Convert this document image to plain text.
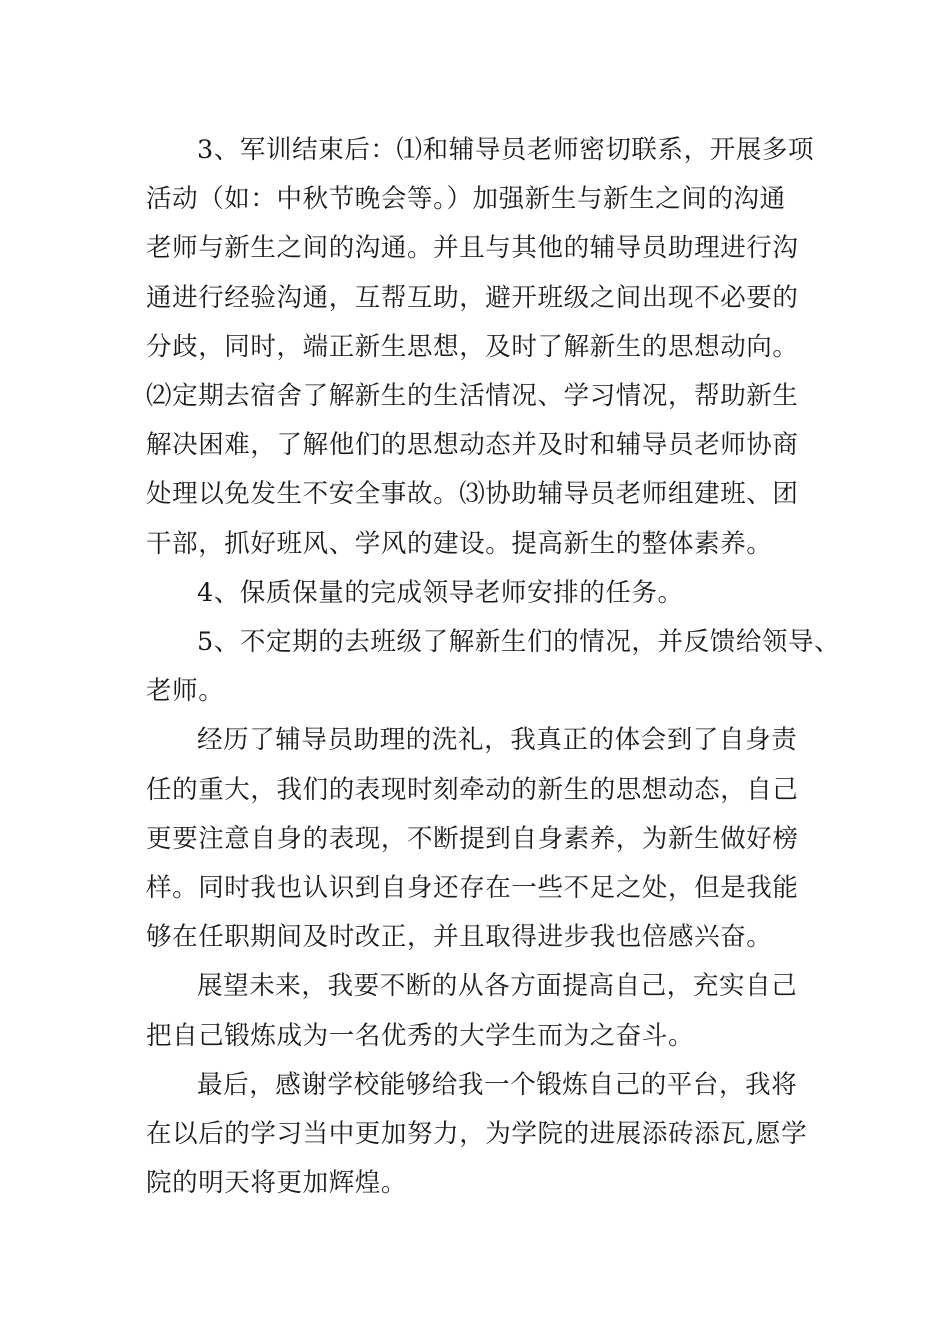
3、军训结束后：⑴和辅导员老师密切联系，开展多项
活动（如：中秋节晚会等。）加强新生与新生之间的沟通
老师与新生之间的沟通。并且与其他的辅导员助理进行沟
通进行经验沟通，互帮互助，避开班级之间出现不必要的
分歧，同时，端正新生思想，及时了解新生的思想动向。
⑵定期去宿舍了解新生的生活情况、学习情况，帮助新生
解决困难，了解他们的思想动态并及时和辅导员老师协商
处理以免发生不安全事故。⑶协助辅导员老师组建班、团
干部，抓好班风、学风的建设。提高新生的整体素养。

4、保质保量的完成领导老师安排的任务。

5、不定期的去班级了解新生们的情况，并反馈给领导、
老师。

经历了辅导员助理的洗礼，我真正的体会到了自身责
任的重大，我们的表现时刻牵动的新生的思想动态，自己
更要注意自身的表现，不断提到自身素养，为新生做好榜
样。同时我也认识到自身还存在一些不足之处，但是我能
够在任职期间及时改正，并且取得进步我也倍感兴奋。

展望未来，我要不断的从各方面提高自己，充实自己
把自己锻炼成为一名优秀的大学生而为之奋斗。

最后，感谢学校能够给我一个锻炼自己的平台，我将
在以后的学习当中更加努力，为学院的进展添砖添瓦,愿学
院的明天将更加辉煌。
